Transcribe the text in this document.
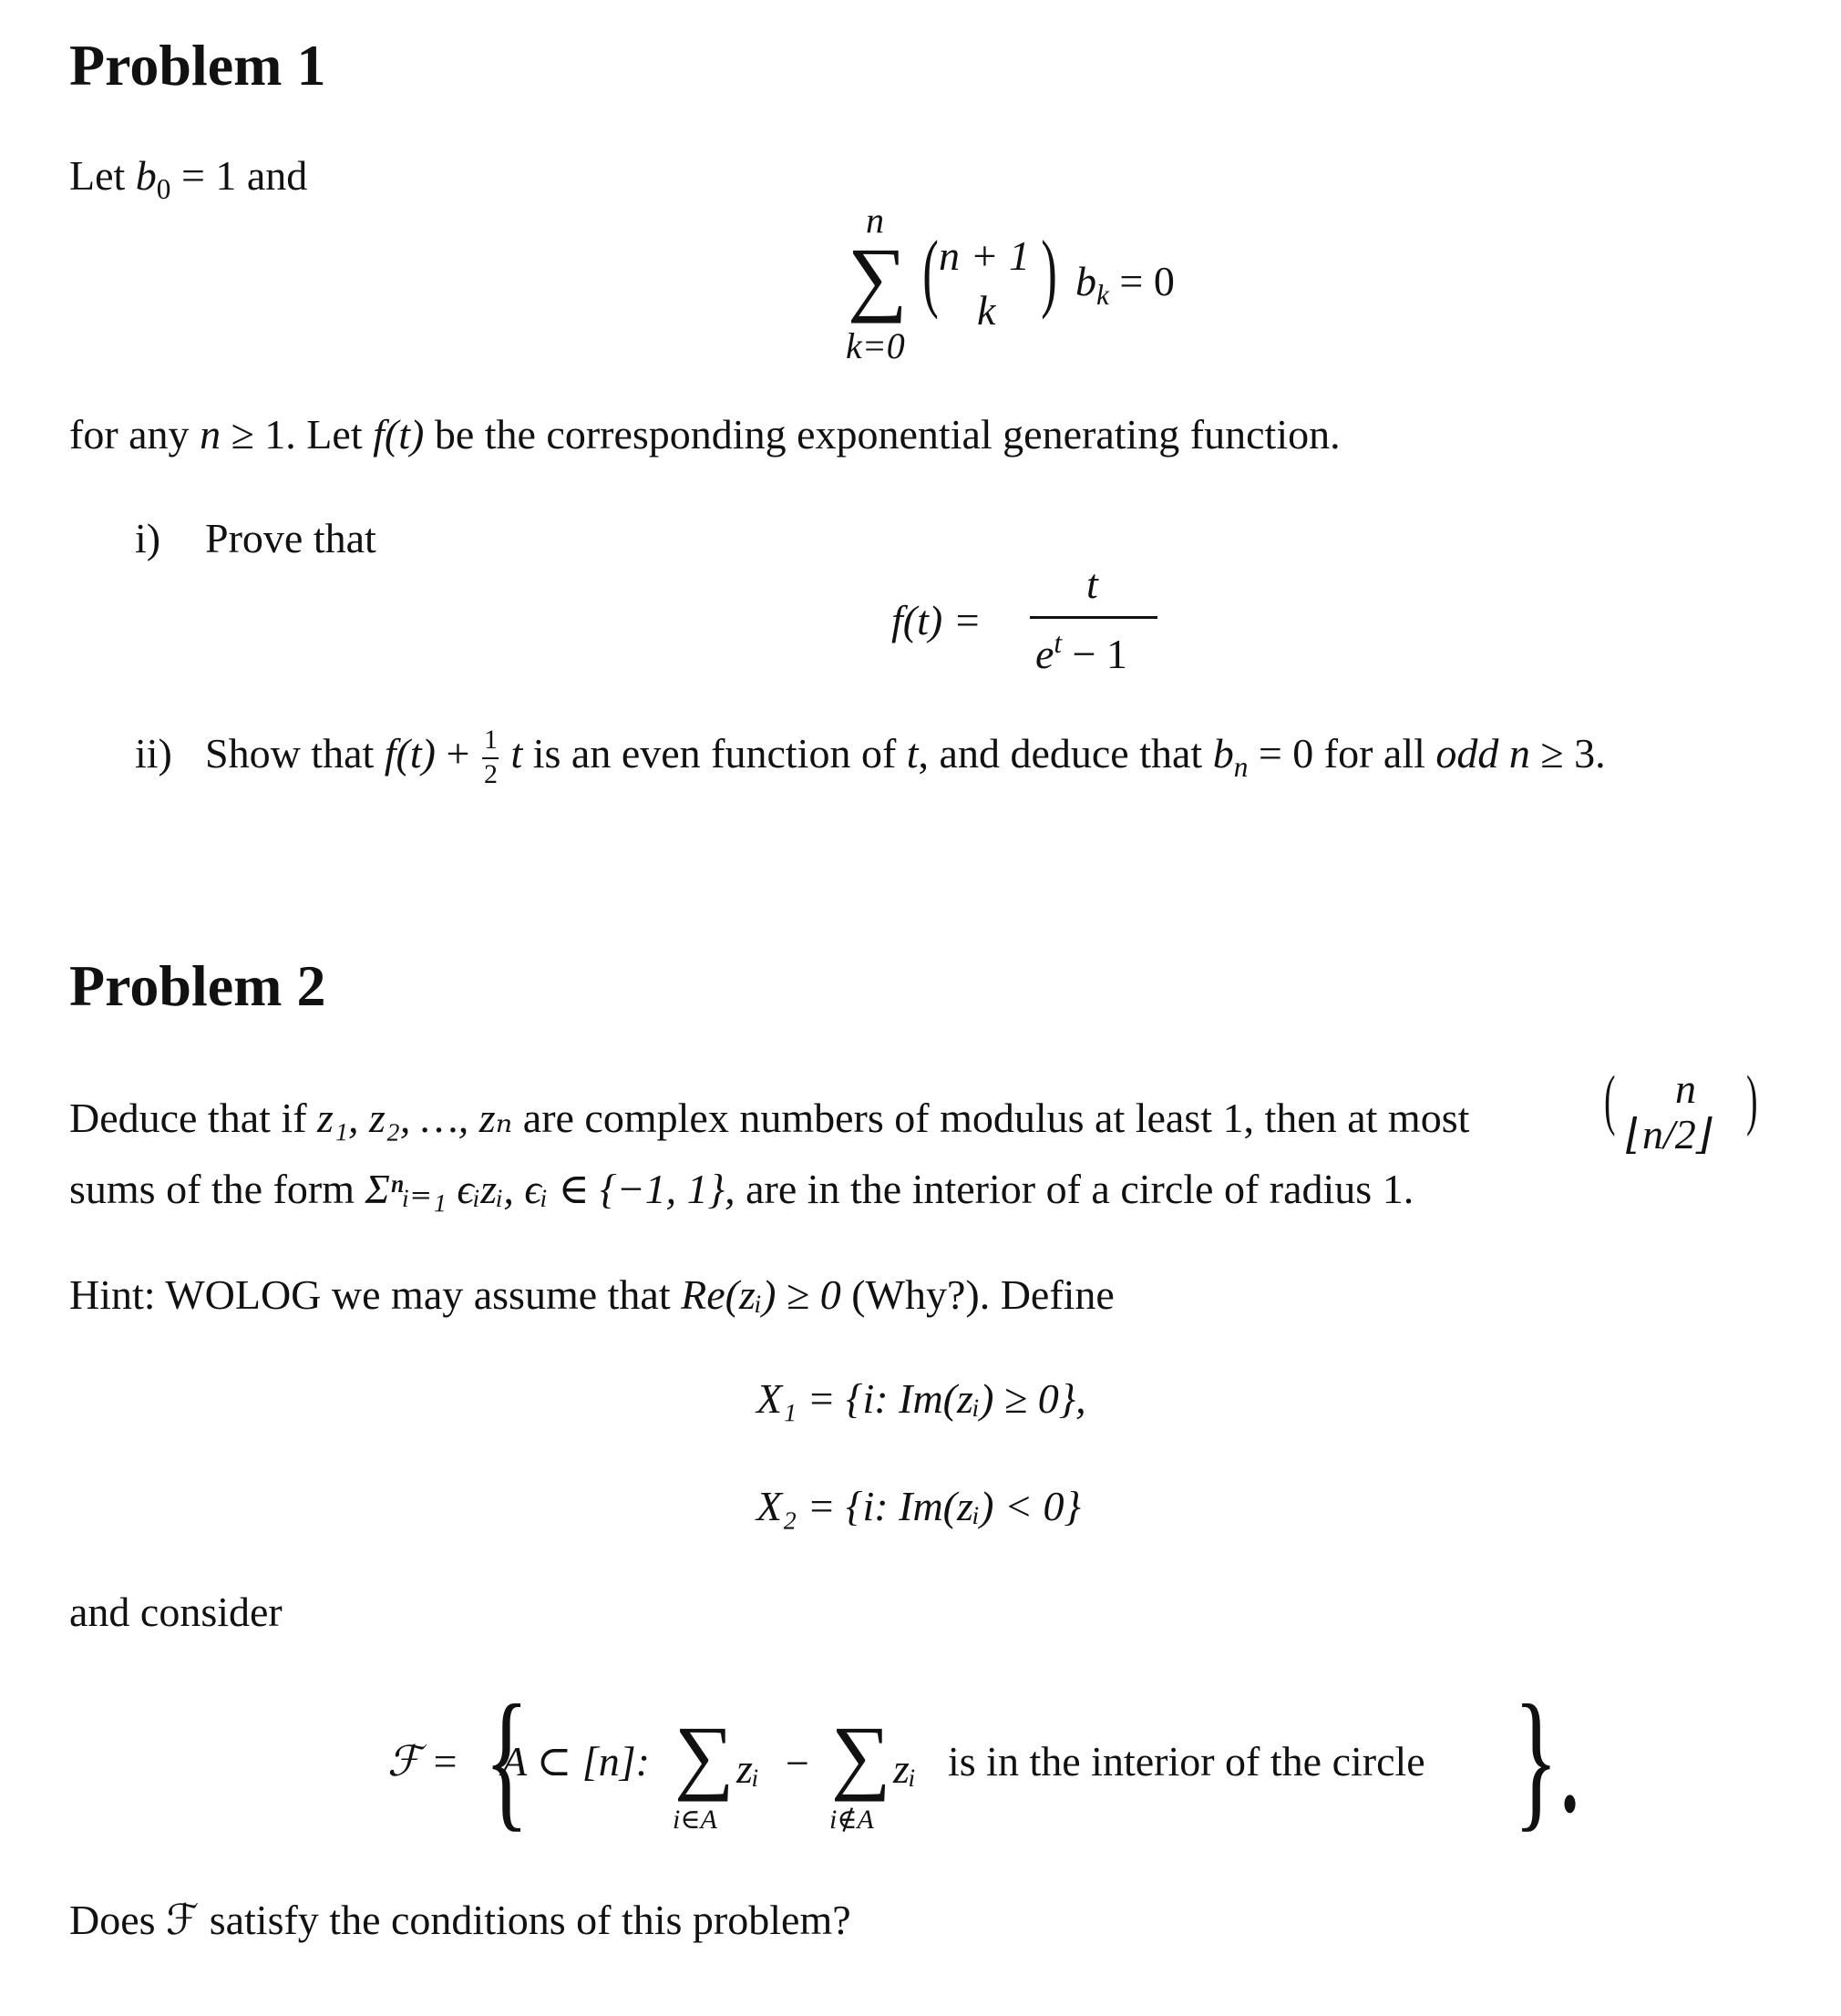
Problem 1
Let $b_0 = 1$ and
n
∑
k=0
( n + 1
k ) $b_k = 0$
for any n ≥ 1. Let f(t) be the corresponding exponential generating function.
i) Prove that
f(t) =
t
$e^t - 1$
ii) Show that $f(t) + \frac{1}{2}$ t is an even function of t, and deduce that $b_n = 0$ for all odd n ≥ 3.
Problem 2
Deduce that if z₁, z₂, …, zₙ are complex numbers of modulus at least 1, then at most ( n
⌊n/2⌋ )
sums of the form Σⁿᵢ₌₁ ϵᵢzᵢ, ϵᵢ ∈ {−1, 1}, are in the interior of a circle of radius 1.
Hint: WOLOG we may assume that Re(zᵢ) ≥ 0 (Why?). Define
X₁ = {i: Im(zᵢ) ≥ 0},
X₂ = {i: Im(zᵢ) < 0}
and consider
ℱ = {
A ⊂ [n]: ∑
i∈A
zᵢ − ∑
i∉A
zᵢ is in the interior of the circle }.
Does ℱ satisfy the conditions of this problem?
